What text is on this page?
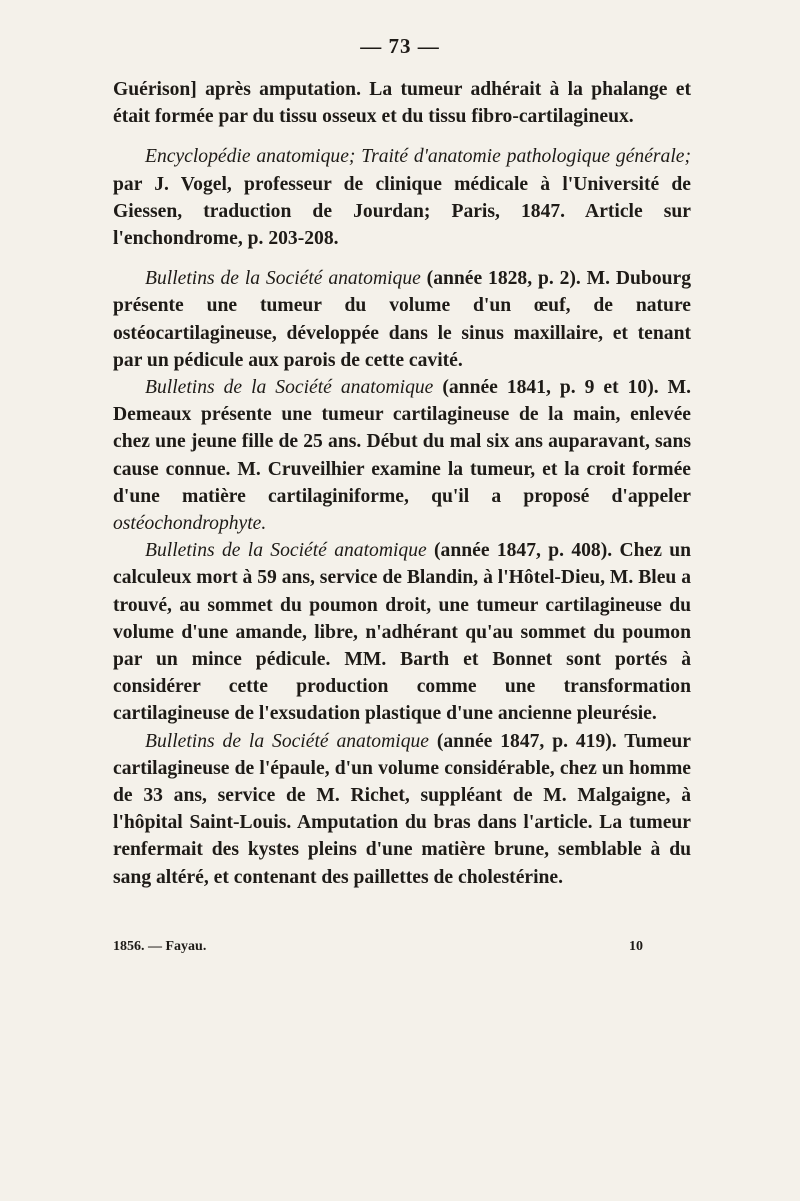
— 73 —

Guérison] après amputation. La tumeur adhérait à la phalange et était formée par du tissu osseux et du tissu fibro-cartilagineux.

Encyclopédie anatomique; Traité d'anatomie pathologique générale; par J. Vogel, professeur de clinique médicale à l'Université de Giessen, traduction de Jourdan; Paris, 1847. Article sur l'enchondrome, p. 203-208.

Bulletins de la Société anatomique (année 1828, p. 2). M. Dubourg présente une tumeur du volume d'un œuf, de nature ostéocartilagineuse, développée dans le sinus maxillaire, et tenant par un pédicule aux parois de cette cavité.

Bulletins de la Société anatomique (année 1841, p. 9 et 10). M. Demeaux présente une tumeur cartilagineuse de la main, enlevée chez une jeune fille de 25 ans. Début du mal six ans auparavant, sans cause connue. M. Cruveilhier examine la tumeur, et la croit formée d'une matière cartilaginiforme, qu'il a proposé d'appeler ostéochondrophyte.

Bulletins de la Société anatomique (année 1847, p. 408). Chez un calculeux mort à 59 ans, service de Blandin, à l'Hôtel-Dieu, M. Bleu a trouvé, au sommet du poumon droit, une tumeur cartilagineuse du volume d'une amande, libre, n'adhérant qu'au sommet du poumon par un mince pédicule. MM. Barth et Bonnet sont portés à considérer cette production comme une transformation cartilagineuse de l'exsudation plastique d'une ancienne pleurésie.

Bulletins de la Société anatomique (année 1847, p. 419). Tumeur cartilagineuse de l'épaule, d'un volume considérable, chez un homme de 33 ans, service de M. Richet, suppléant de M. Malgaigne, à l'hôpital Saint-Louis. Amputation du bras dans l'article. La tumeur renfermait des kystes pleins d'une matière brune, semblable à du sang altéré, et contenant des paillettes de cholestérine.

1856. — Fayau.	10
